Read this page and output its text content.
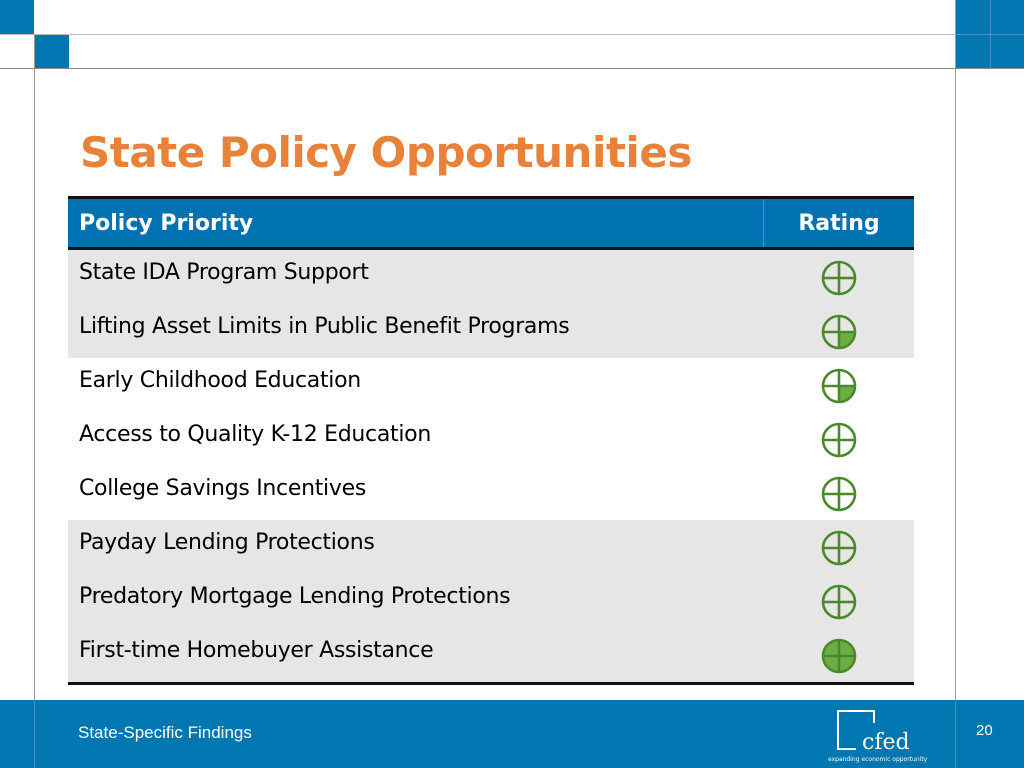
State Policy Opportunities
Policy Priority	Rating
State IDA Program Support	
Lifting Asset Limits in Public Benefit Programs	
Early Childhood Education	
Access to Quality K-12 Education	
College Savings Incentives	
Payday Lending Protections	
Predatory Mortgage Lending Protections	
First-time Homebuyer Assistance	
State-Specific Findings	20
cfed
expanding economic opportunity
